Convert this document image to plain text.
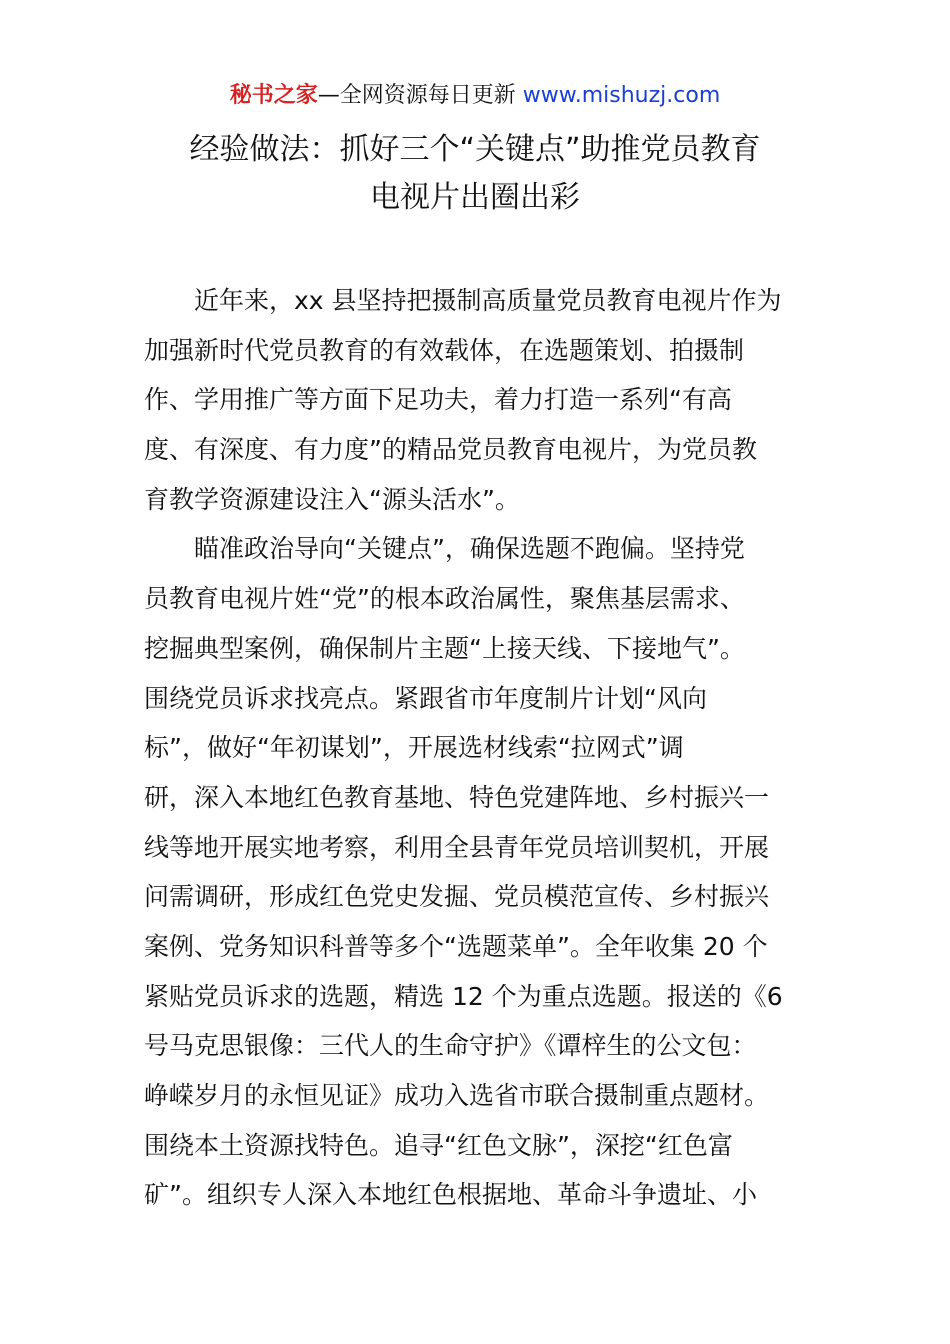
秘书之家—全网资源每日更新 www.mishuzj.com
经验做法：抓好三个“关键点”助推党员教育
电视片出圈出彩
近年来，xx 县坚持把摄制高质量党员教育电视片作为
加强新时代党员教育的有效载体，在选题策划、拍摄制
作、学用推广等方面下足功夫，着力打造一系列“有高
度、有深度、有力度”的精品党员教育电视片，为党员教
育教学资源建设注入“源头活水”。
瞄准政治导向“关键点”，确保选题不跑偏。坚持党
员教育电视片姓“党”的根本政治属性，聚焦基层需求、
挖掘典型案例，确保制片主题“上接天线、下接地气”。
围绕党员诉求找亮点。紧跟省市年度制片计划“风向
标”，做好“年初谋划”，开展选材线索“拉网式”调
研，深入本地红色教育基地、特色党建阵地、乡村振兴一
线等地开展实地考察，利用全县青年党员培训契机，开展
问需调研，形成红色党史发掘、党员模范宣传、乡村振兴
案例、党务知识科普等多个“选题菜单”。全年收集 20 个
紧贴党员诉求的选题，精选 12 个为重点选题。报送的《6
号马克思银像：三代人的生命守护》《谭梓生的公文包：
峥嵘岁月的永恒见证》成功入选省市联合摄制重点题材。
围绕本土资源找特色。追寻“红色文脉”，深挖“红色富
矿”。组织专人深入本地红色根据地、革命斗争遗址、小
